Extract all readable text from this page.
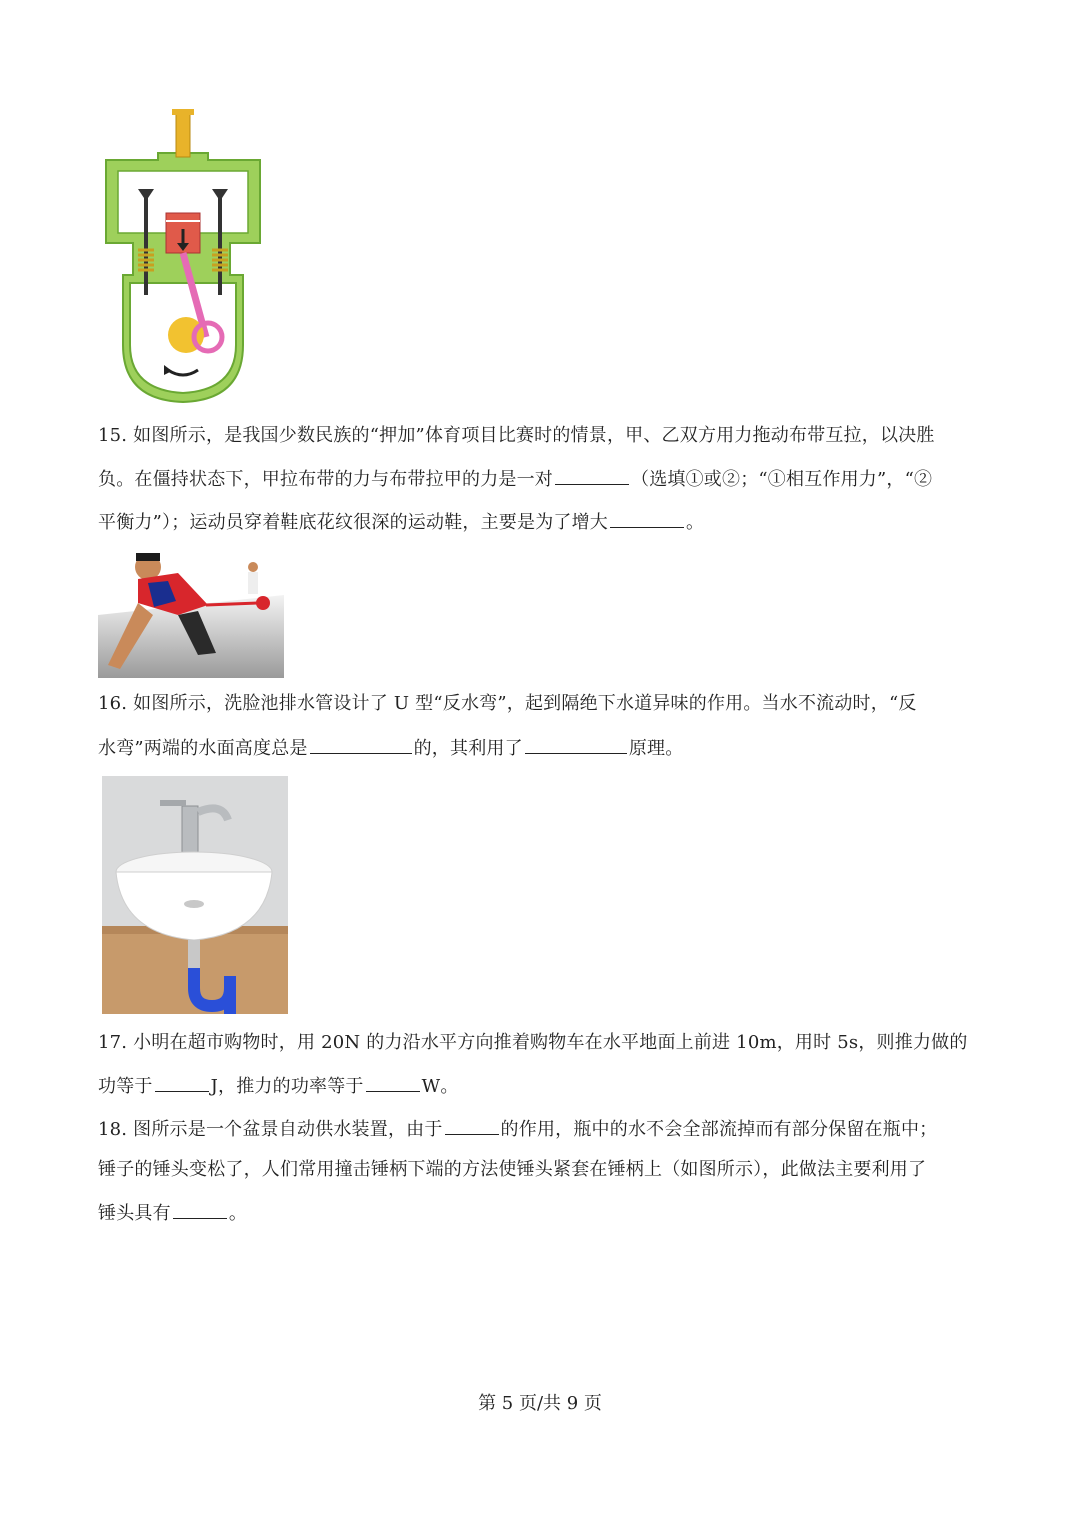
15. 如图所示，是我国少数民族的“押加”体育项目比赛时的情景，甲、乙双方用力拖动布带互拉，以决胜
负。在僵持状态下，甲拉布带的力与布带拉甲的力是一对	（选填①或②；“①相互作用力”，“②
平衡力”）；运动员穿着鞋底花纹很深的运动鞋，主要是为了增大	。
16. 如图所示，洗脸池排水管设计了 U 型“反水弯”，起到隔绝下水道异味的作用。当水不流动时，“反
水弯”两端的水面高度总是	的，其利用了	原理。
17. 小明在超市购物时，用 20N 的力沿水平方向推着购物车在水平地面上前进 10m，用时 5s，则推力做的
功等于	J，推力的功率等于	W。
18. 图所示是一个盆景自动供水装置，由于	的作用，瓶中的水不会全部流掉而有部分保留在瓶中；
锤子的锤头变松了，人们常用撞击锤柄下端的方法使锤头紧套在锤柄上（如图所示），此做法主要利用了
锤头具有	。
第 5 页/共 9 页
